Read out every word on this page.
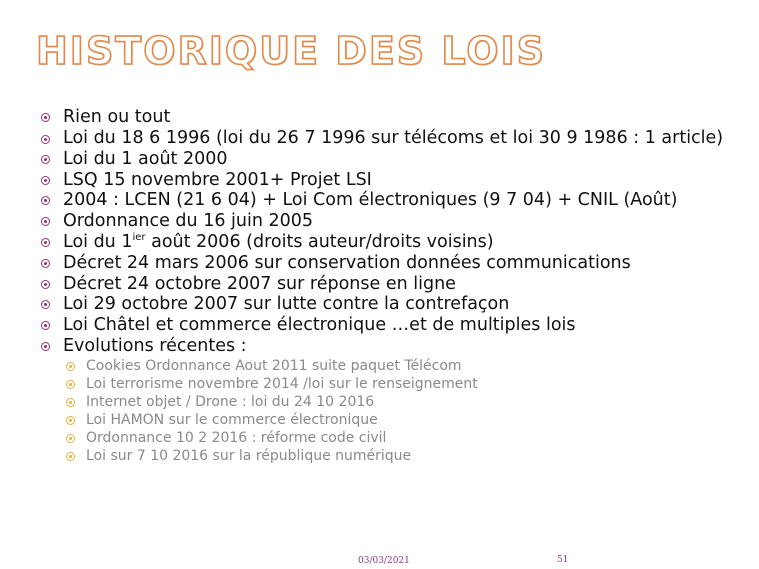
HISTORIQUE DES LOIS
Rien ou tout
Loi du 18 6 1996 (loi du 26 7 1996 sur télécoms et loi 30 9 1986 : 1 article)
Loi du 1 août 2000
LSQ 15 novembre 2001+ Projet LSI
2004 : LCEN (21 6 04) + Loi Com électroniques (9 7 04) + CNIL (Août)
Ordonnance du 16 juin 2005
Loi du $1^{ier}$ août 2006 (droits auteur/droits voisins)
Décret 24 mars 2006 sur conservation données communications
Décret 24 octobre 2007 sur réponse en ligne
Loi 29 octobre 2007 sur lutte contre la contrefaçon
Loi Châtel et commerce électronique …et de multiples lois
Evolutions récentes :
Cookies Ordonnance Aout 2011 suite paquet Télécom
Loi terrorisme novembre 2014 /loi sur le renseignement
Internet objet / Drone : loi du 24 10 2016
Loi HAMON sur le commerce électronique
Ordonnance 10 2 2016 : réforme code civil
Loi sur 7 10 2016 sur la république numérique
03/03/2021	51
